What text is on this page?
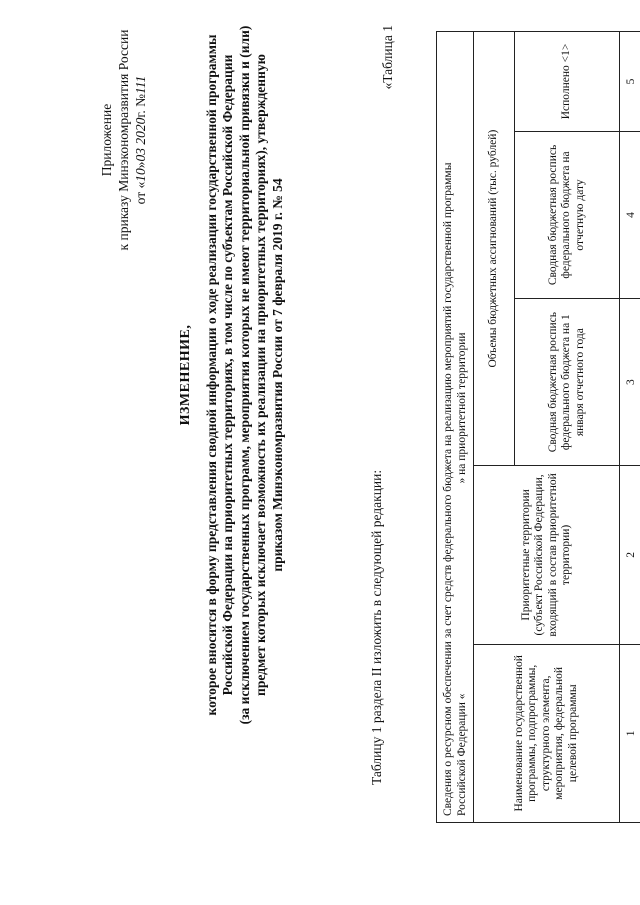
Приложение к приказу Минэкономразвития России от «10»03 2020г. №111
ИЗМЕНЕНИЕ, которое вносится в форму представления сводной информации о ходе реализации государственной программы Российской Федерации на приоритетных территориях, в том числе по субъектам Российской Федерации (за исключением государственных программ, мероприятия которых не имеют территориальной привязки и (или) предмет которых исключает возможность их реализации на приоритетных территориях), утвержденную приказом Минэкономразвития России от 7 февраля 2019 г. № 54
Таблицу 1 раздела II изложить в следующей редакции:
«Таблица 1
Сведения о ресурсном обеспечении за счет средств федерального бюджета на реализацию мероприятий государственной программы Российской Федерации «» на приоритетной территории				

Наименование государственной программы, подпрограммы, структурного элемента, мероприятия, федеральной целевой программы	Приоритетные территории (субъект Российской Федерации, входящий в состав приоритетной территории)	Объемы бюджетных ассигнований (тыс. рублей)		
		Сводная бюджетная роспись федерального бюджета на 1 января отчетного года	Сводная бюджетная роспись федерального бюджета на отчетную дату	Исполнено <1>
1	2	3	4	5
